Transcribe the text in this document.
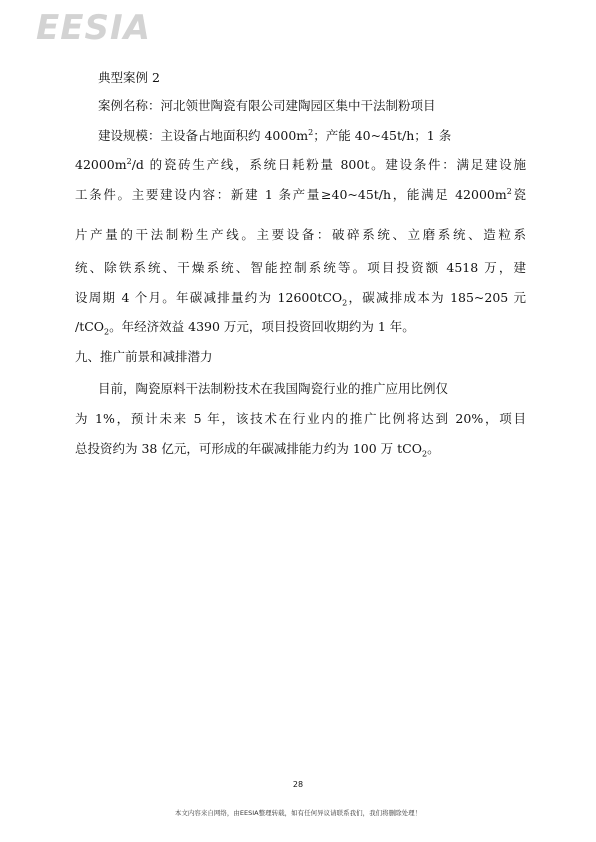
EESIA
典型案例 2
案例名称：河北领世陶瓷有限公司建陶园区集中干法制粉项目
建设规模：主设备占地面积约 $4000m^2$；产能 40~45t/h；1 条
$42000m^2/d$ 的瓷砖生产线，系统日耗粉量 800t。建设条件：满足建设施
工条件。主要建设内容：新建 1 条产量≥40~45t/h，能满足 $42000m^2$瓷
片产量的干法制粉生产线。主要设备：破碎系统、立磨系统、造粒系
统、除铁系统、干燥系统、智能控制系统等。项目投资额 4518 万，建
设周期 4 个月。年碳减排量约为 12600tCO$_2$，碳减排成本为 185~205 元
/tCO$_2$。年经济效益 4390 万元，项目投资回收期约为 1 年。
九、推广前景和减排潜力
目前，陶瓷原料干法制粉技术在我国陶瓷行业的推广应用比例仅
为 1%，预计未来 5 年，该技术在行业内的推广比例将达到 20%，项目
总投资约为 38 亿元，可形成的年碳减排能力约为 100 万 tCO$_2$。
28
本文内容来自网络，由EESIA整理转载，如有任何异议请联系我们，我们将删除处理！
